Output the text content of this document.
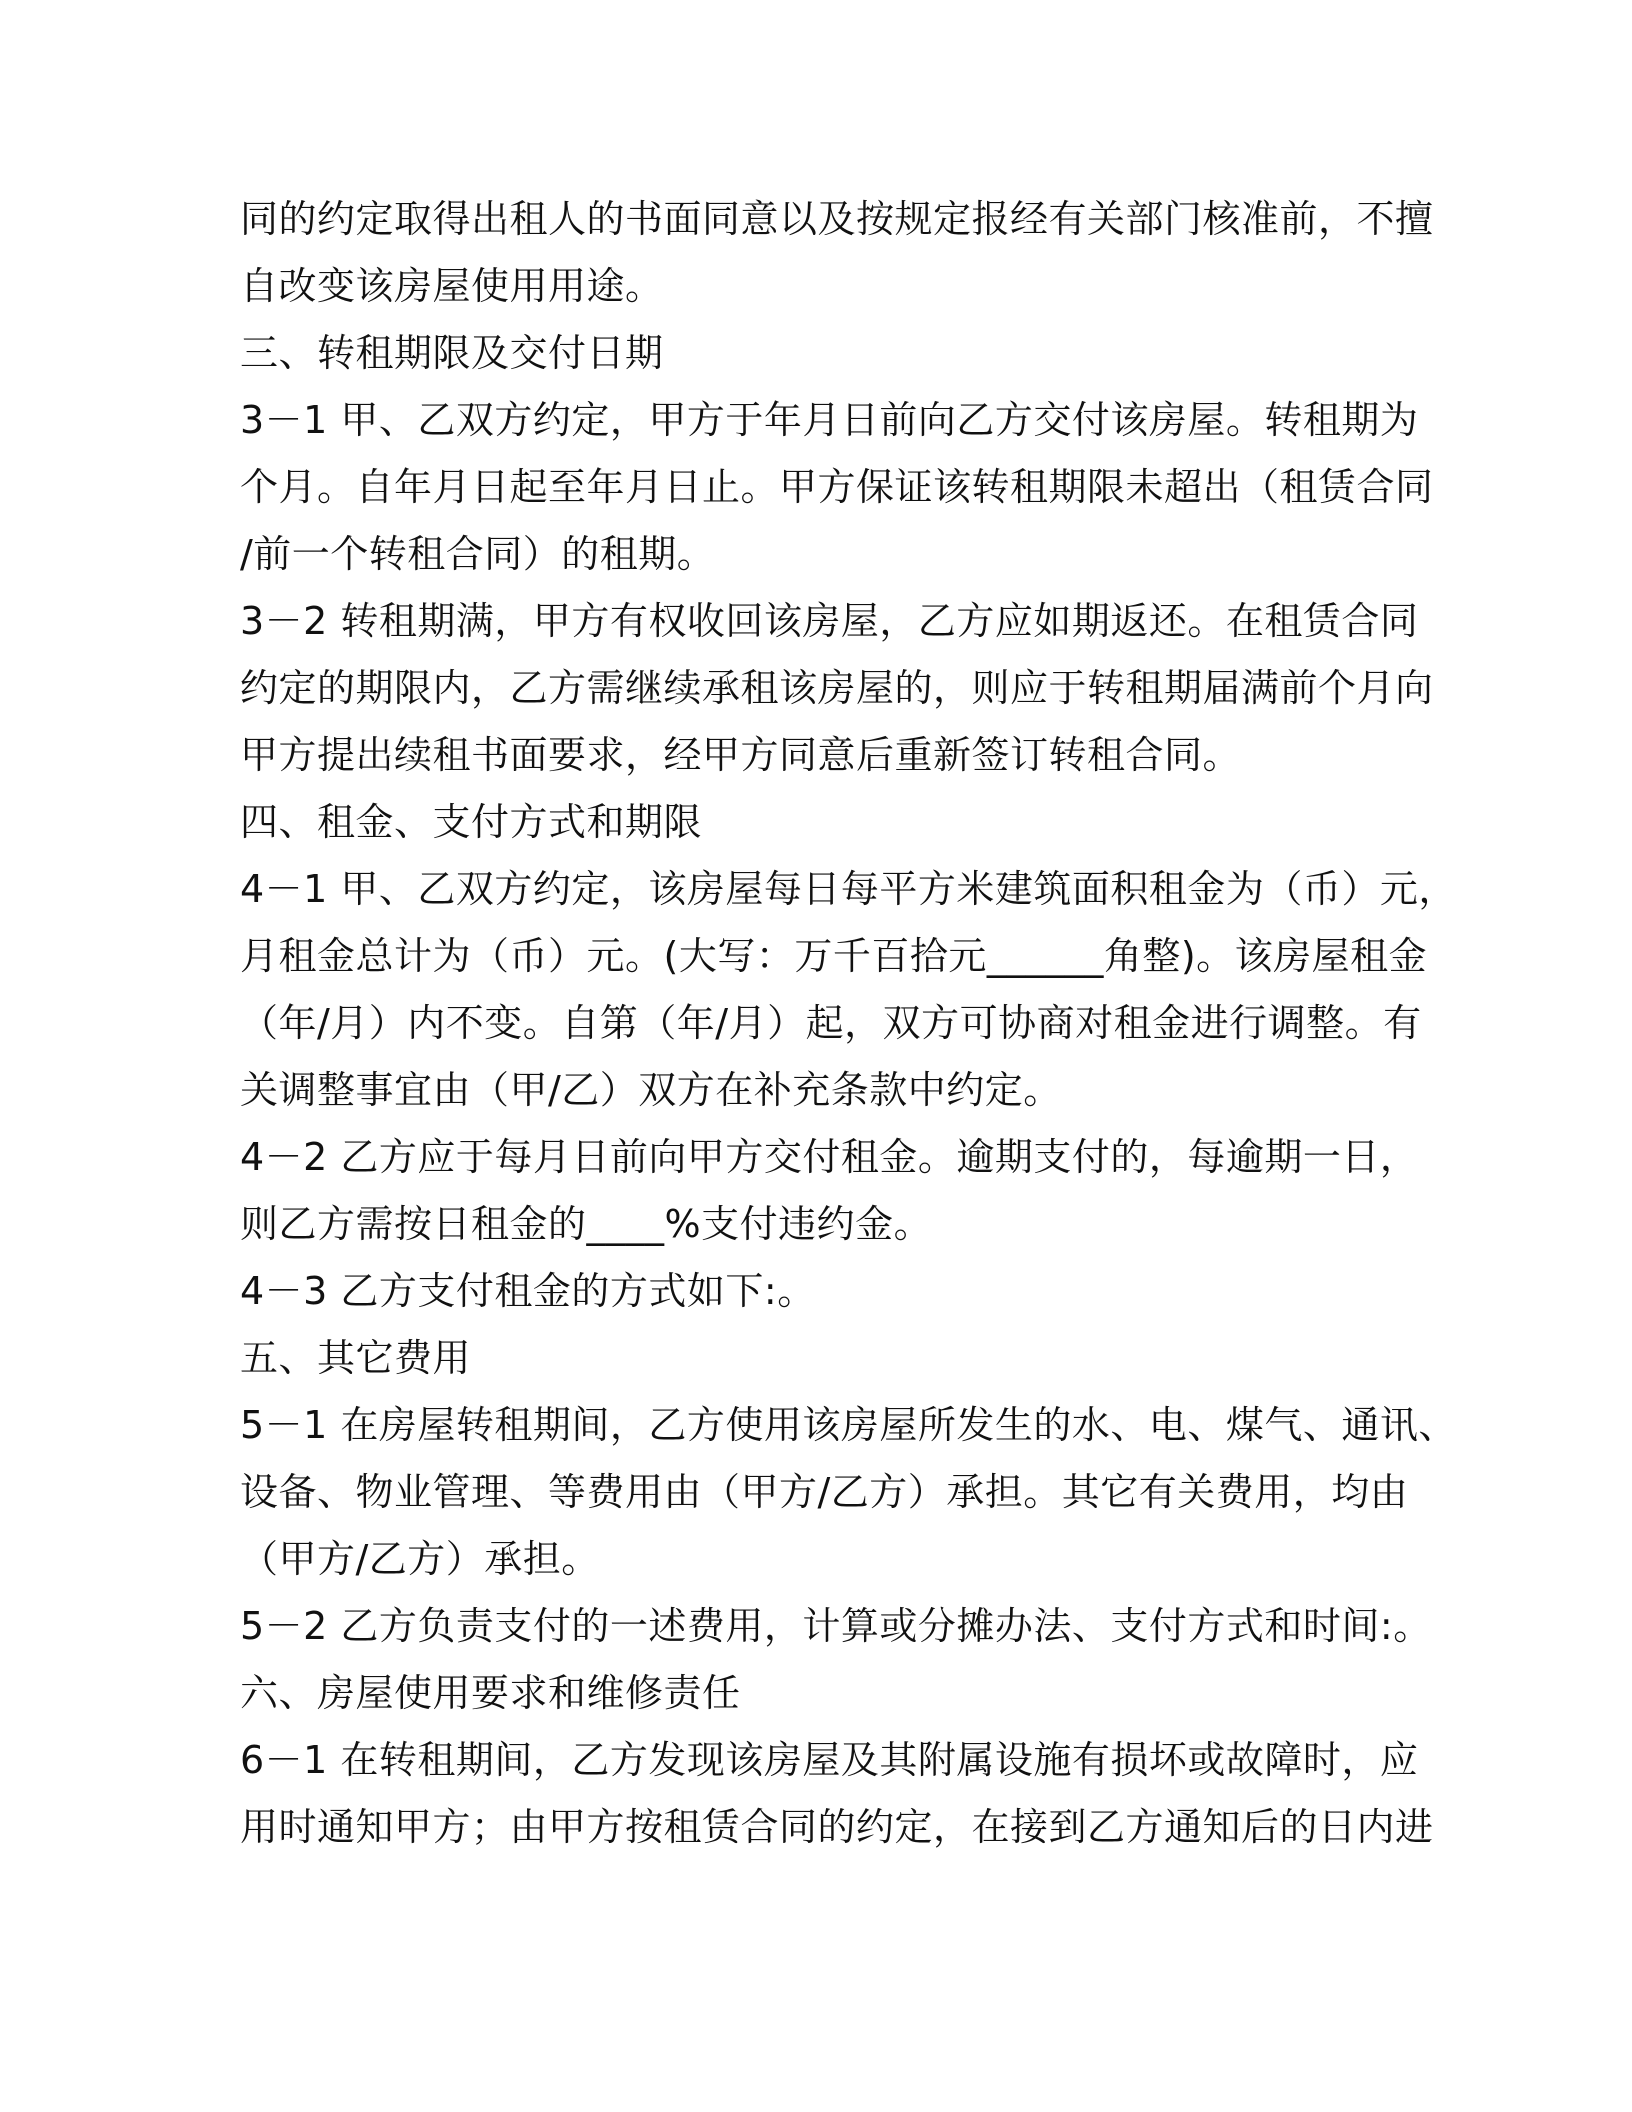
同的约定取得出租人的书面同意以及按规定报经有关部门核准前，不擅
自改变该房屋使用用途。
三、转租期限及交付日期
3－1 甲、乙双方约定，甲方于年月日前向乙方交付该房屋。转租期为
个月。自年月日起至年月日止。甲方保证该转租期限未超出（租赁合同
/前一个转租合同）的租期。
3－2 转租期满，甲方有权收回该房屋，乙方应如期返还。在租赁合同
约定的期限内，乙方需继续承租该房屋的，则应于转租期届满前个月向
甲方提出续租书面要求，经甲方同意后重新签订转租合同。
四、租金、支付方式和期限
4－1 甲、乙双方约定，该房屋每日每平方米建筑面积租金为（币）元，
月租金总计为（币）元。(大写：万千百拾元______角整)。该房屋租金
（年/月）内不变。自第（年/月）起，双方可协商对租金进行调整。有
关调整事宜由（甲/乙）双方在补充条款中约定。
4－2 乙方应于每月日前向甲方交付租金。逾期支付的，每逾期一日，
则乙方需按日租金的____%支付违约金。
4－3 乙方支付租金的方式如下:。
五、其它费用
5－1 在房屋转租期间，乙方使用该房屋所发生的水、电、煤气、通讯、
设备、物业管理、等费用由（甲方/乙方）承担。其它有关费用，均由
（甲方/乙方）承担。
5－2 乙方负责支付的一述费用，计算或分摊办法、支付方式和时间:。
六、房屋使用要求和维修责任
6－1 在转租期间，乙方发现该房屋及其附属设施有损坏或故障时，应
用时通知甲方；由甲方按租赁合同的约定，在接到乙方通知后的日内进
